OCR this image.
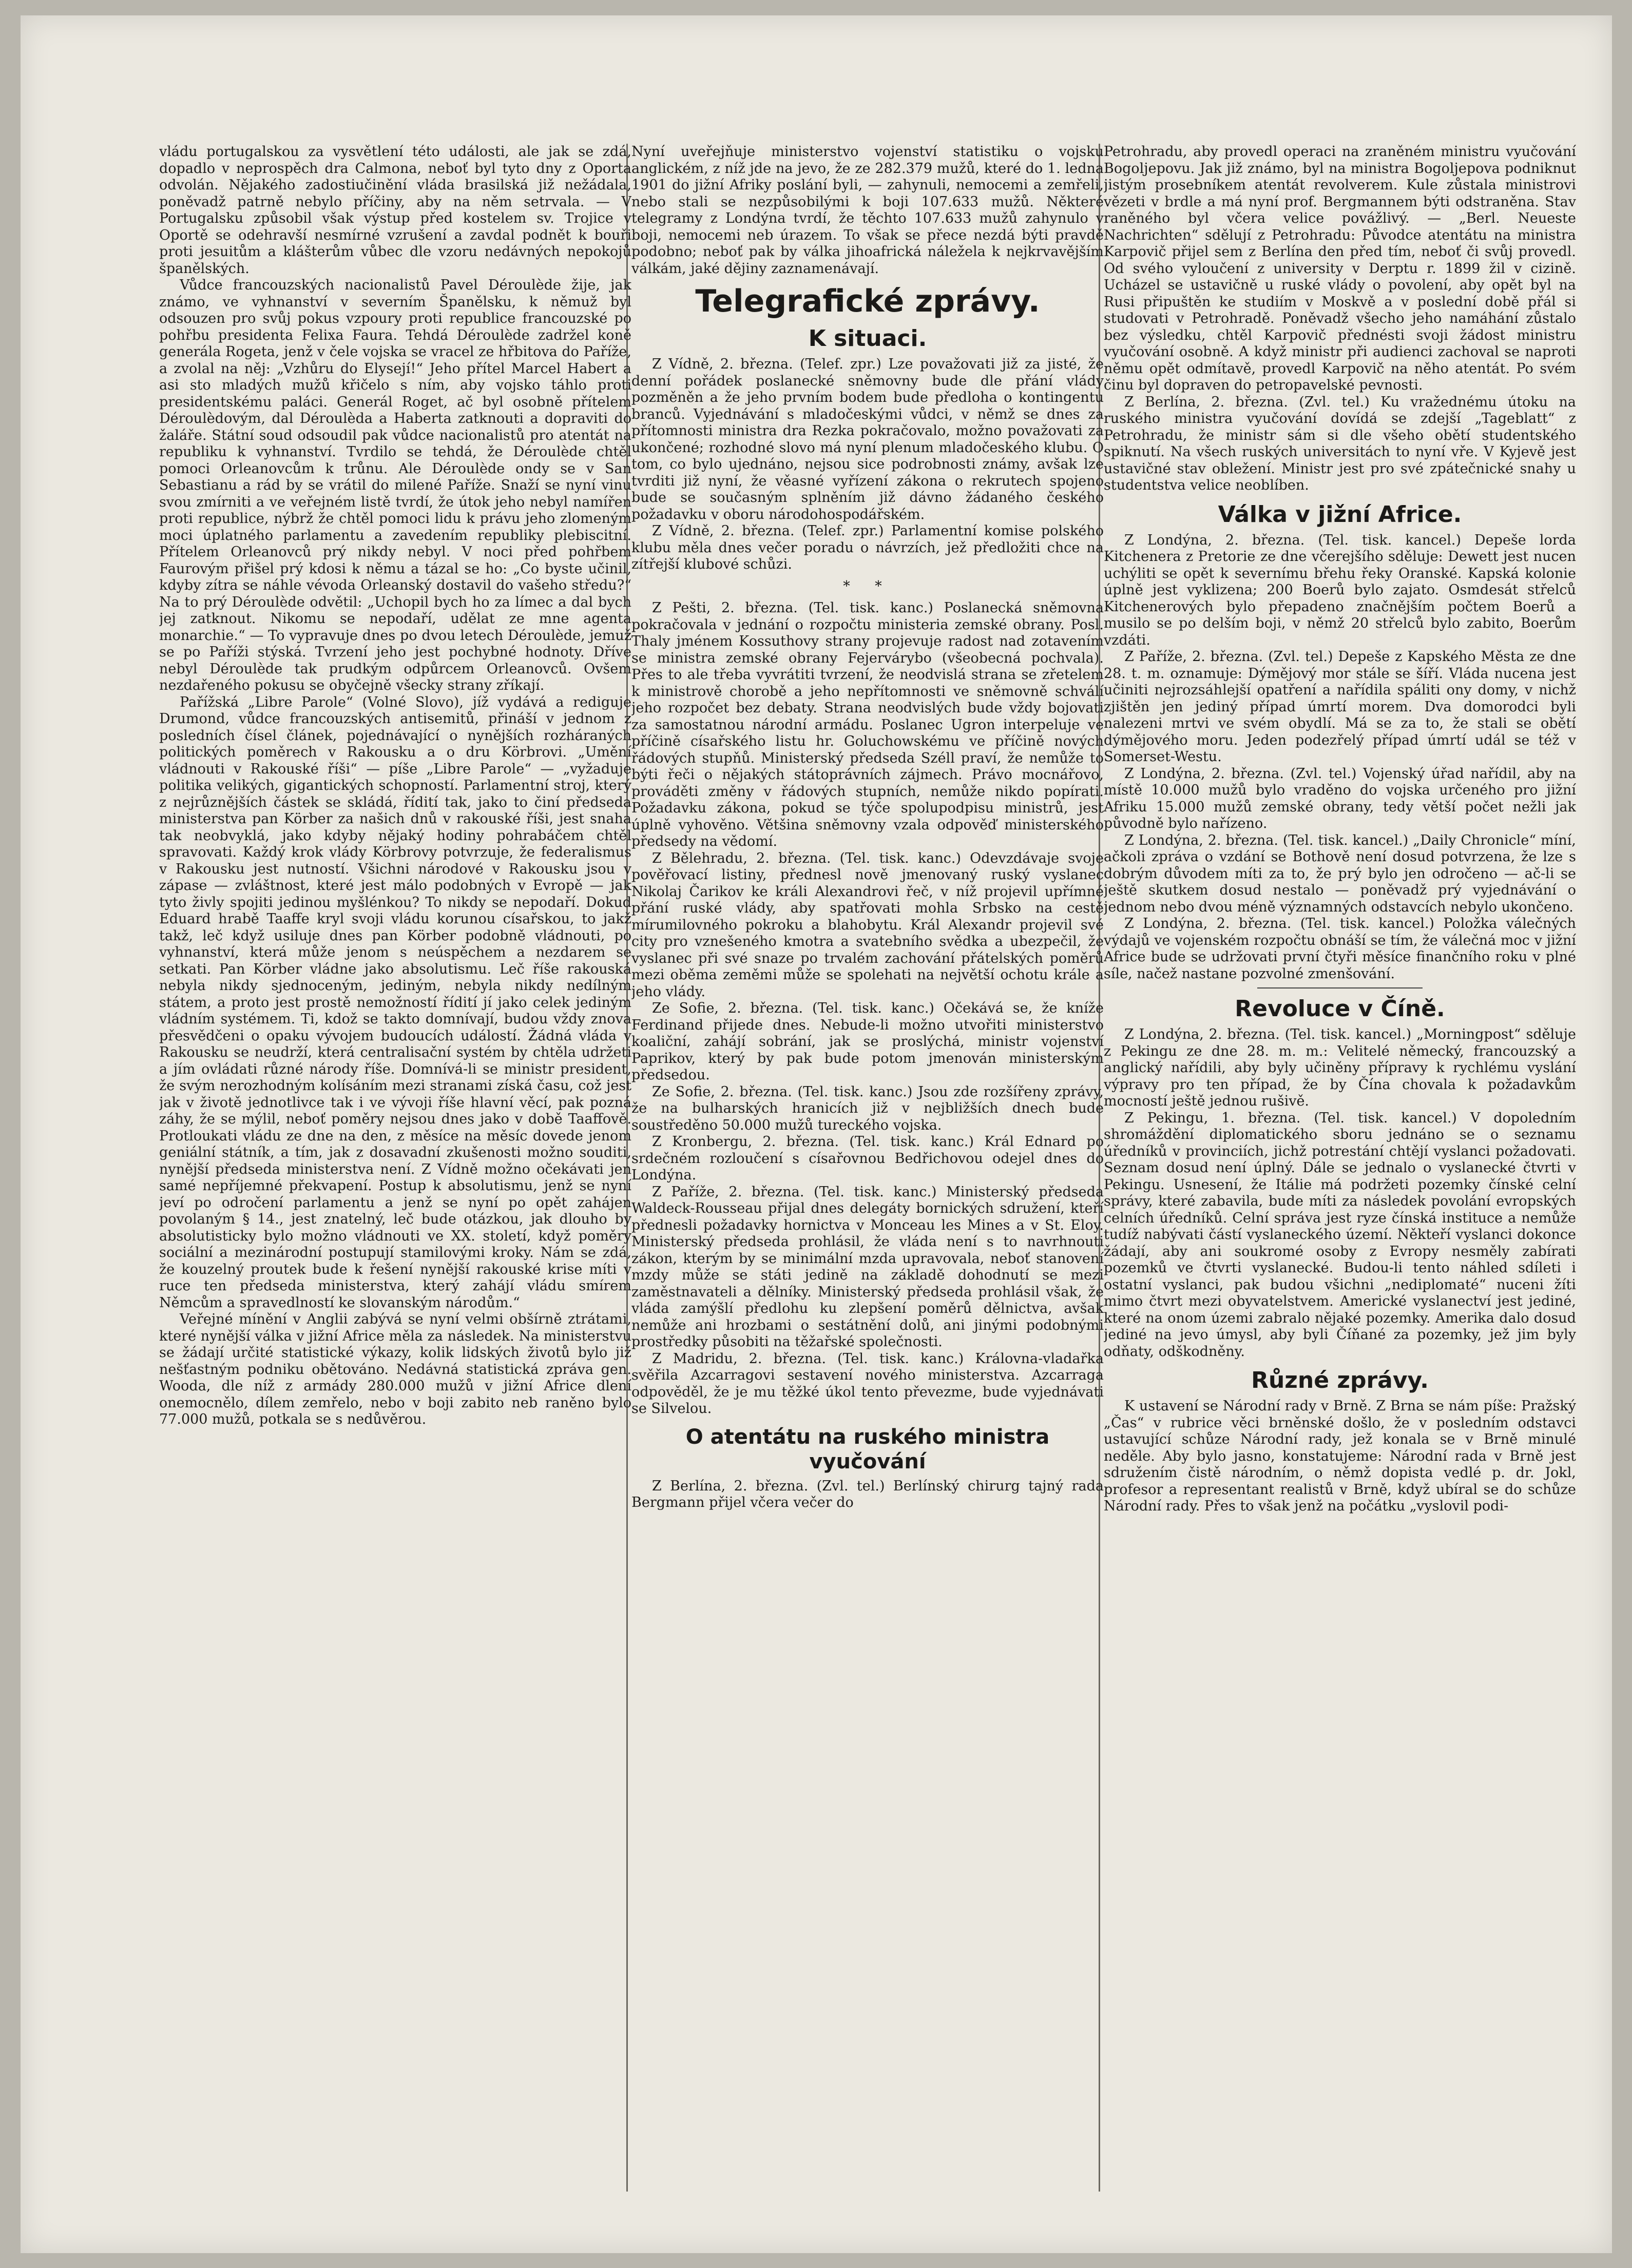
vládu portugalskou za vysvětlení této události, ale jak se zdá, dopadlo v neprospěch dra Calmona, neboť byl tyto dny z Oporta odvolán. Nějakého zadostiučinění vláda brasilská již nežádala, poněvadž patrně nebylo příčiny, aby na něm setrvala. — V Portugalsku způsobil však výstup před kostelem sv. Trojice v Oportě se odehravší nesmírné vzrušení a zavdal podnět k bouři proti jesuitům a klášterům vůbec dle vzoru nedávných nepokojů španělských.

Vůdce francouzských nacionalistů Pavel Déroulède žije, jak známo, ve vyhnanství v severním Španělsku, k němuž byl odsouzen pro svůj pokus vzpoury proti republice francouzské po pohřbu presidenta Felixa Faura. Tehdá Déroulède zadržel koně generála Rogeta, jenž v čele vojska se vracel ze hřbitova do Paříže, a zvolal na něj: „Vzhůru do Elysejí!“ Jeho přítel Marcel Habert a asi sto mladých mužů křičelo s ním, aby vojsko táhlo proti presidentskému paláci. Generál Roget, ač byl osobně přítelem Déroulèdovým, dal Déroulèda a Haberta zatknouti a dopraviti do žaláře. Státní soud odsoudil pak vůdce nacionalistů pro atentát na republiku k vyhnanství. Tvrdilo se tehdá, že Déroulède chtěl pomoci Orleanovcům k trůnu. Ale Déroulède ondy se v San Sebastianu a rád by se vrátil do milené Paříže. Snaží se nyní vinu svou zmírniti a ve veřejném listě tvrdí, že útok jeho nebyl namířen proti republice, nýbrž že chtěl pomoci lidu k právu jeho zlomeným moci úplatného parlamentu a zavedením republiky plebiscitní. Přítelem Orleanovců prý nikdy nebyl. V noci před pohřbem Faurovým přišel prý kdosi k němu a tázal se ho: „Co byste učinil, kdyby zítra se náhle vévoda Orleanský dostavil do vašeho středu?“ Na to prý Déroulède odvětil: „Uchopil bych ho za límec a dal bych jej zatknout. Nikomu se nepodaří, udělat ze mne agenta monarchie.“ — To vypravuje dnes po dvou letech Déroulède, jemuž se po Paříži stýská. Tvrzení jeho jest pochybné hodnoty. Dříve nebyl Déroulède tak prudkým odpůrcem Orleanovců. Ovšem nezdařeného pokusu se obyčejně všecky strany zříkají.

Pařížská „Libre Parole“ (Volné Slovo), jíž vydává a rediguje Drumond, vůdce francouzských antisemitů, přináší v jednom z posledních čísel článek, pojednávající o nynějších rozháraných politických poměrech v Rakousku a o dru Körbrovi. „Umění vládnouti v Rakouské říši“ — píše „Libre Parole“ — „vyžaduje politika velikých, gigantických schopností. Parlamentní stroj, který z nejrůznějších částek se skládá, řídití tak, jako to činí předseda ministerstva pan Körber za našich dnů v rakouské říši, jest snaha tak neobvyklá, jako kdyby nějaký hodiny pohrabáčem chtěl spravovati. Každý krok vlády Körbrovy potvrzuje, že federalismus v Rakousku jest nutností. Všichni národové v Rakousku jsou v zápase — zvláštnost, které jest málo podobných v Evropě — jak tyto živly spojiti jedinou myšlénkou? To nikdy se nepodaří. Dokud Eduard hrabě Taaffe kryl svoji vládu korunou císařskou, to jakž takž, leč když usiluje dnes pan Körber podobně vládnouti, po vyhnanství, která může jenom s neúspěchem a nezdarem se setkati. Pan Körber vládne jako absolutismu. Leč říše rakouská nebyla nikdy sjednoceným, jediným, nebyla nikdy nedílným státem, a proto jest prostě nemožností řídití jí jako celek jediným vládním systémem. Ti, kdož se takto domnívají, budou vždy znova přesvědčeni o opaku vývojem budoucích událostí. Žádná vláda v Rakousku se neudrží, která centralisační systém by chtěla udržeti a jím ovládati různé národy říše. Domnívá-li se ministr president, že svým nerozhodným kolísáním mezi stranami získá času, což jest jak v životě jednotlivce tak i ve vývoji říše hlavní věcí, pak pozná záhy, že se mýlil, neboť poměry nejsou dnes jako v době Taaffově. Protloukati vládu ze dne na den, z měsíce na měsíc dovede jenom geniální státník, a tím, jak z dosavadní zkušenosti možno souditi, nynější předseda ministerstva není. Z Vídně možno očekávati jen samé nepříjemné překvapení. Postup k absolutismu, jenž se nyní jeví po odročení parlamentu a jenž se nyní po opět zahájen povolaným § 14., jest znatelný, leč bude otázkou, jak dlouho by absolutisticky bylo možno vládnouti ve XX. století, když poměry sociální a mezinárodní postupují stamilovými kroky. Nám se zdá, že kouzelný proutek bude k řešení nynější rakouské krise míti v ruce ten předseda ministerstva, který zahájí vládu smírem Němcům a spravedlností ke slovanským národům.“

Veřejné mínění v Anglii zabývá se nyní velmi obšírně ztrátami, které nynější válka v jižní Africe měla za následek. Na ministerstvu se žádají určité statistické výkazy, kolik lidských životů bylo již nešťastným podniku obětováno. Nedávná statistická zpráva gen. Woodа, dle níž z armády 280.000 mužů v jižní Africe dlení onemocnělo, dílem zemřelo, nebo v boji zabito neb raněno bylo 77.000 mužů, potkala se s nedůvěrou.

Nyní uveřejňuje ministerstvo vojenství statistiku o vojsku anglickém, z níž jde na jevo, že ze 282.379 mužů, které do 1. ledna 1901 do jižní Afriky poslání byli, — zahynuli, nemocemi a zemřeli, nebo stali se nezpůsobilými k boji 107.633 mužů. Některé telegramy z Londýna tvrdí, že těchto 107.633 mužů zahynulo v boji, nemocemi neb úrazem. To však se přece nezdá býti pravdě podobno; neboť pak by válka jihoafrická náležela k nejkrvavějším válkám, jaké dějiny zaznamenávají.

Telegrafické zprávy.
K situaci.

Z Vídně, 2. března. (Telef. zpr.) Lze považovati již za jisté, že denní pořádek poslanecké sněmovny bude dle přání vlády pozměněn a že jeho prvním bodem bude předloha o kontingentu branců. Vyjednávání s mladočeskými vůdci, v němž se dnes za přítomnosti ministra dra Rezka pokračovalo, možno považovati za ukončené; rozhodné slovo má nyní plenum mladočeského klubu. O tom, co bylo ujednáno, nejsou sice podrobnosti známy, avšak lze tvrditi již nyní, že věasné vyřízení zákona o rekrutech spojeno bude se současným splněním již dávno žádaného českého požadavku v oboru národohospodářském.

Z Vídně, 2. března. (Telef. zpr.) Parlamentní komise polského klubu měla dnes večer poradu o návrzích, jež předložiti chce na zítřejší klubové schůzi.

* *

Z Pešti, 2. března. (Tel. tisk. kanc.) Poslanecká sněmovna pokračovala v jednání o rozpočtu ministeria zemské obrany. Posl. Thaly jménem Kossuthovy strany projevuje radost nad zotavením se ministra zemské obrany Fejervárybo (všeobecná pochvala). Přes to ale třeba vyvrátiti tvrzení, že neodvislá strana se zřetelem k ministrově chorobě a jeho nepřítomnosti ve sněmovně schválí jeho rozpočet bez debaty. Strana neodvislých bude vždy bojovati za samostatnou národní armádu. Poslanec Ugron interpeluje ve příčině císařského listu hr. Goluchowskému ve příčině nových řádových stupňů. Ministerský předseda Széll praví, že nemůže to býti řeči o nějakých státoprávních zájmech. Právo mocnářovo, prováděti změny v řádových stupních, nemůže nikdo popírati. Požadavku zákona, pokud se týče spolupodpisu ministrů, jest úplně vyhověno. Většina sněmovny vzala odpověď ministerského předsedy na vědomí.

Z Bělehradu, 2. března. (Tel. tisk. kanc.) Odevzdávaje svoje pověřovací listiny, přednesl nově jmenovaný ruský vyslanec Nikolaj Čarikov ke králi Alexandrovi řeč, v níž projevil upřímné přání ruské vlády, aby spatřovati mohla Srbsko na cestě mírumilovného pokroku a blahobytu. Král Alexandr projevil své city pro vznešeného kmotra a svatebního svědka a ubezpečil, že vyslanec při své snaze po trvalém zachování přátelských poměrů mezi oběma zeměmi může se spolehati na největší ochotu krále a jeho vlády.

Ze Sofie, 2. března. (Tel. tisk. kanc.) Očekává se, že kníže Ferdinand přijede dnes. Nebude-li možno utvořiti ministerstvo koaliční, zahájí sobrání, jak se proslýchá, ministr vojenství Paprikov, který by pak bude potom jmenován ministerským předsedou.

Ze Sofie, 2. března. (Tel. tisk. kanc.) Jsou zde rozšířeny zprávy, že na bulharských hranicích již v nejbližších dnech bude soustředěno 50.000 mužů tureckého vojska.

Z Kronbergu, 2. března. (Tel. tisk. kanc.) Král Ednard po srdečném rozloučení s císařovnou Bedřichovou odejel dnes do Londýna.

Z Paříže, 2. března. (Tel. tisk. kanc.) Ministerský předseda Waldeck-Rousseau přijal dnes delegáty bornických sdružení, kteří přednesli požadavky hornictva v Monceau les Mines a v St. Eloy. Ministerský předseda prohlásil, že vláda není s to navrhnouti zákon, kterým by se minimální mzda upravovala, neboť stanovení mzdy může se státi jedině na základě dohodnutí se mezi zaměstnavateli a dělníky. Ministerský předseda prohlásil však, že vláda zamýšlí předlohu ku zlepšení poměrů dělnictva, avšak nemůže ani hrozbami o sestátnění dolů, ani jinými podobnými prostředky působiti na těžařské společnosti.

Z Madridu, 2. března. (Tel. tisk. kanc.) Královna-vladařka svěřila Azcarragovi sestavení nového ministerstva. Azcarraga odpověděl, že je mu těžké úkol tento převezme, bude vyjednávati se Silvelou.

O atentátu na ruského ministra vyučování

Z Berlína, 2. března. (Zvl. tel.) Berlínský chirurg tajný rada Bergmann přijel včera večer do

Petrohradu, aby provedl operaci na zraněném ministru vyučování Bogolјepovu. Jak již známo, byl na ministra Bogoljepova podniknut jistým prosebníkem atentát revolverem. Kule zůstala ministrovi vězeti v brdle a má nyní prof. Bergmannem býti odstraněna. Stav raněného byl včera velice povážlivý. — „Berl. Neueste Nachrichten“ sdělují z Petrohradu: Původce atentátu na ministra Karpovič přijel sem z Berlína den před tím, neboť či svůj provedl. Od svého vyloučení z university v Derptu r. 1899 žil v cizině. Ucházel se ustavičně u ruské vlády o povolení, aby opět byl na Rusi připuštěn ke studiím v Moskvě a v poslední době přál si studovati v Petrohradě. Poněvadž všecho jeho namáhání zůstalo bez výsledku, chtěl Karpovič přednésti svoji žádost ministru vyučování osobně. A když ministr při audienci zachoval se naproti němu opět odmítavě, provedl Karpovič na něho atentát. Po svém činu byl dopraven do petropavelské pevnosti.

Z Berlína, 2. března. (Zvl. tel.) Ku vražednému útoku na ruského ministra vyučování dovídá se zdejší „Tageblatt“ z Petrohradu, že ministr sám si dle všeho obětí studentského spiknutí. Na všech ruských universitách to nyní vře. V Kyjevě jest ustavičné stav obležení. Ministr jest pro své zpátečnické snahy u studentstva velice neoblíben.

Válka v jižní Africe.

Z Londýna, 2. března. (Tel. tisk. kancel.) Depeše lorda Kitchenera z Pretorie ze dne včerejšího sděluje: Dewett jest nucen uchýliti se opět k severnímu břehu řeky Oranské. Kapská kolonie úplně jest vyklizena; 200 Boerů bylo zajato. Osmdesát střelců Kitchenerových bylo přepadeno značnějším počtem Boerů a musilo se po delším boji, v němž 20 střelců bylo zabito, Boerům vzdáti.

Z Paříže, 2. března. (Zvl. tel.) Depeše z Kapského Města ze dne 28. t. m. oznamuje: Dýmějový mor stále se šíří. Vláda nucena jest učiniti nejrozsáhlejší opatření a nařídila spáliti ony domy, v nichž zjištěn jen jediný případ úmrtí morem. Dva domorodci byli nalezeni mrtvi ve svém obydlí. Má se za to, že stali se obětí dýmějového moru. Jeden podezřelý případ úmrtí udál se též v Somerset-Westu.

Z Londýna, 2. března. (Zvl. tel.) Vojenský úřad nařídil, aby na místě 10.000 mužů bylo vraděno do vojska určeného pro jižní Afriku 15.000 mužů zemské obrany, tedy větší počet nežli jak původně bylo nařízeno.

Z Londýna, 2. března. (Tel. tisk. kancel.) „Daily Chronicle“ míní, ačkoli zpráva o vzdání se Bothově není dosud potvrzena, že lze s dobrým důvodem míti za to, že prý bylo jen odročeno — ač-li se ještě skutkem dosud nestalo — poněvadž prý vyjednávání o jednom nebo dvou méně významných odstavcích nebylo ukončeno.

Z Londýna, 2. března. (Tel. tisk. kancel.) Položka válečných výdajů ve vojenském rozpočtu obnáší se tím, že válečná moc v jižní Africe bude se udržovati první čtyři měsíce finančního roku v plné síle, načež nastane pozvolné zmenšování.

Revoluce v Číně.

Z Londýna, 2. března. (Tel. tisk. kancel.) „Morningpost“ sděluje z Pekingu ze dne 28. m. m.: Velitelé německý, francouzský a anglický nařídili, aby byly učiněny přípravy k rychlému vyslání výpravy pro ten případ, že by Čína chovala k požadavkům mocností ještě jednou rušivě.

Z Pekingu, 1. března. (Tel. tisk. kancel.) V dopoledním shromáždění diplomatického sboru jednáno se o seznamu úředníků v provinciích, jichž potrestání chtějí vyslanci požadovati. Seznam dosud není úplný. Dále se jednalo o vyslanecké čtvrti v Pekingu. Usnesení, že Itálie má podržeti pozemky čínské celní správy, které zabavila, bude míti za následek povolání evropských celních úředníků. Celní správa jest ryze čínská instituce a nemůže tudíž nabývati částí vyslaneckého území. Někteří vyslanci dokonce žádají, aby ani soukromé osoby z Evropy nesměly zabírati pozemků ve čtvrti vyslanecké. Budou-li tento náhled sdíleti i ostatní vyslanci, pak budou všichni „nediplomaté“ nuceni žíti mimo čtvrt mezi obyvatelstvem. Americké vyslanectví jest jediné, které na onom územi zabralo nějaké pozemky. Amerika dalo dosud jediné na jevo úmysl, aby byli Číňané za pozemky, jež jim byly odňaty, odškodněny.

Různé zprávy.

K ustavení se Národní rady v Brně. Z Brna se nám píše: Pražský „Čas“ v rubrice věci brněnské došlo, že v posledním odstavci ustavující schůze Národní rady, jež konala se v Brně minulé neděle. Aby bylo jasno, konstatujeme: Národní rada v Brně jest sdružením čistě národním, o němž dopista vedlé p. dr. Jokl, profesor a representant realistů v Brně, když ubíral se do schůze Národní rady. Přes to však jenž na počátku „vyslovil podi-
